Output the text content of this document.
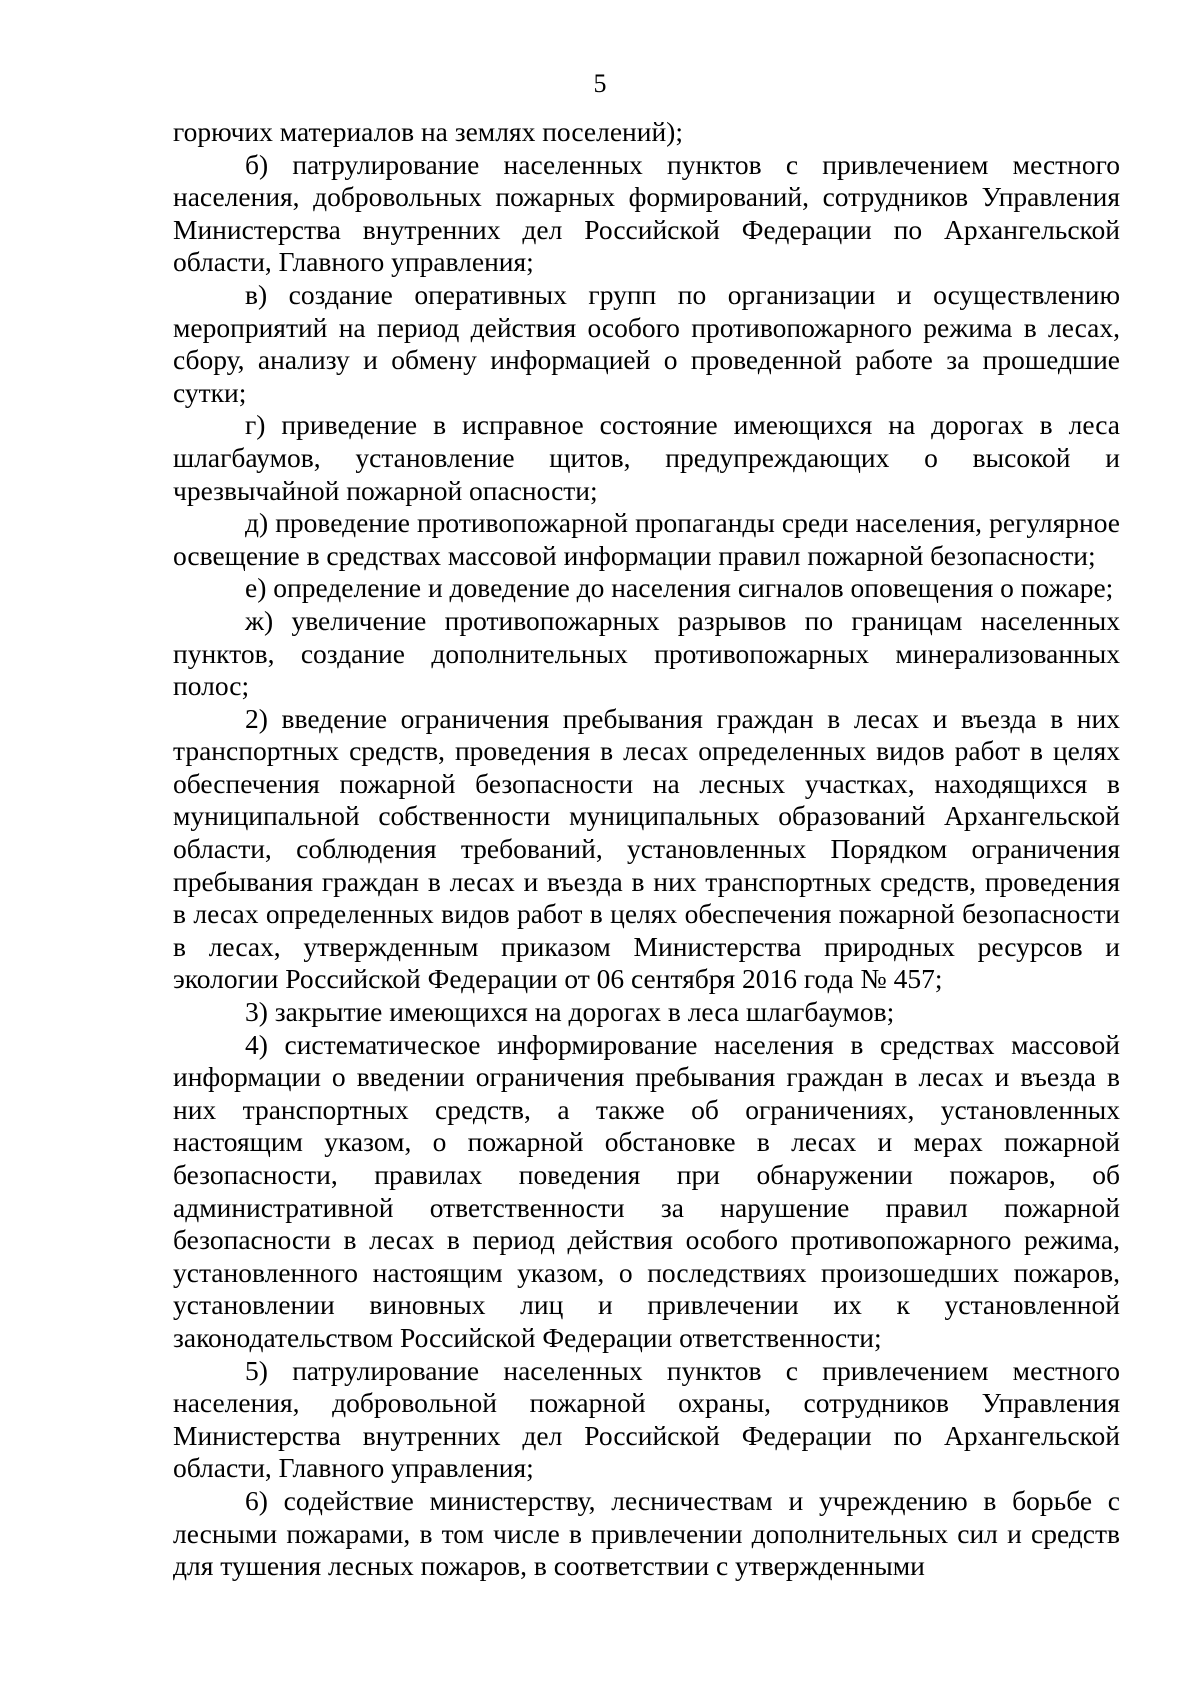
5

горючих материалов на землях поселений);

б) патрулирование населенных пунктов с привлечением местного населения, добровольных пожарных формирований, сотрудников Управления Министерства внутренних дел Российской Федерации по Архангельской области, Главного управления;

в) создание оперативных групп по организации и осуществлению мероприятий на период действия особого противопожарного режима в лесах, сбору, анализу и обмену информацией о проведенной работе за прошедшие сутки;

г) приведение в исправное состояние имеющихся на дорогах в леса шлагбаумов, установление щитов, предупреждающих о высокой и чрезвычайной пожарной опасности;

д) проведение противопожарной пропаганды среди населения, регулярное освещение в средствах массовой информации правил пожарной безопасности;

е) определение и доведение до населения сигналов оповещения о пожаре;

ж) увеличение противопожарных разрывов по границам населенных пунктов, создание дополнительных противопожарных минерализованных полос;

2) введение ограничения пребывания граждан в лесах и въезда в них транспортных средств, проведения в лесах определенных видов работ в целях обеспечения пожарной безопасности на лесных участках, находящихся в муниципальной собственности муниципальных образований Архангельской области, соблюдения требований, установленных Порядком ограничения пребывания граждан в лесах и въезда в них транспортных средств, проведения в лесах определенных видов работ в целях обеспечения пожарной безопасности в лесах, утвержденным приказом Министерства природных ресурсов и экологии Российской Федерации от 06 сентября 2016 года № 457;

3) закрытие имеющихся на дорогах в леса шлагбаумов;

4) систематическое информирование населения в средствах массовой информации о введении ограничения пребывания граждан в лесах и въезда в них транспортных средств, а также об ограничениях, установленных настоящим указом, о пожарной обстановке в лесах и мерах пожарной безопасности, правилах поведения при обнаружении пожаров, об административной ответственности за нарушение правил пожарной безопасности в лесах в период действия особого противопожарного режима, установленного настоящим указом, о последствиях произошедших пожаров, установлении виновных лиц и привлечении их к установленной законодательством Российской Федерации ответственности;

5) патрулирование населенных пунктов с привлечением местного населения, добровольной пожарной охраны, сотрудников Управления Министерства внутренних дел Российской Федерации по Архангельской области, Главного управления;

6) содействие министерству, лесничествам и учреждению в борьбе с лесными пожарами, в том числе в привлечении дополнительных сил и средств для тушения лесных пожаров, в соответствии с утвержденными
